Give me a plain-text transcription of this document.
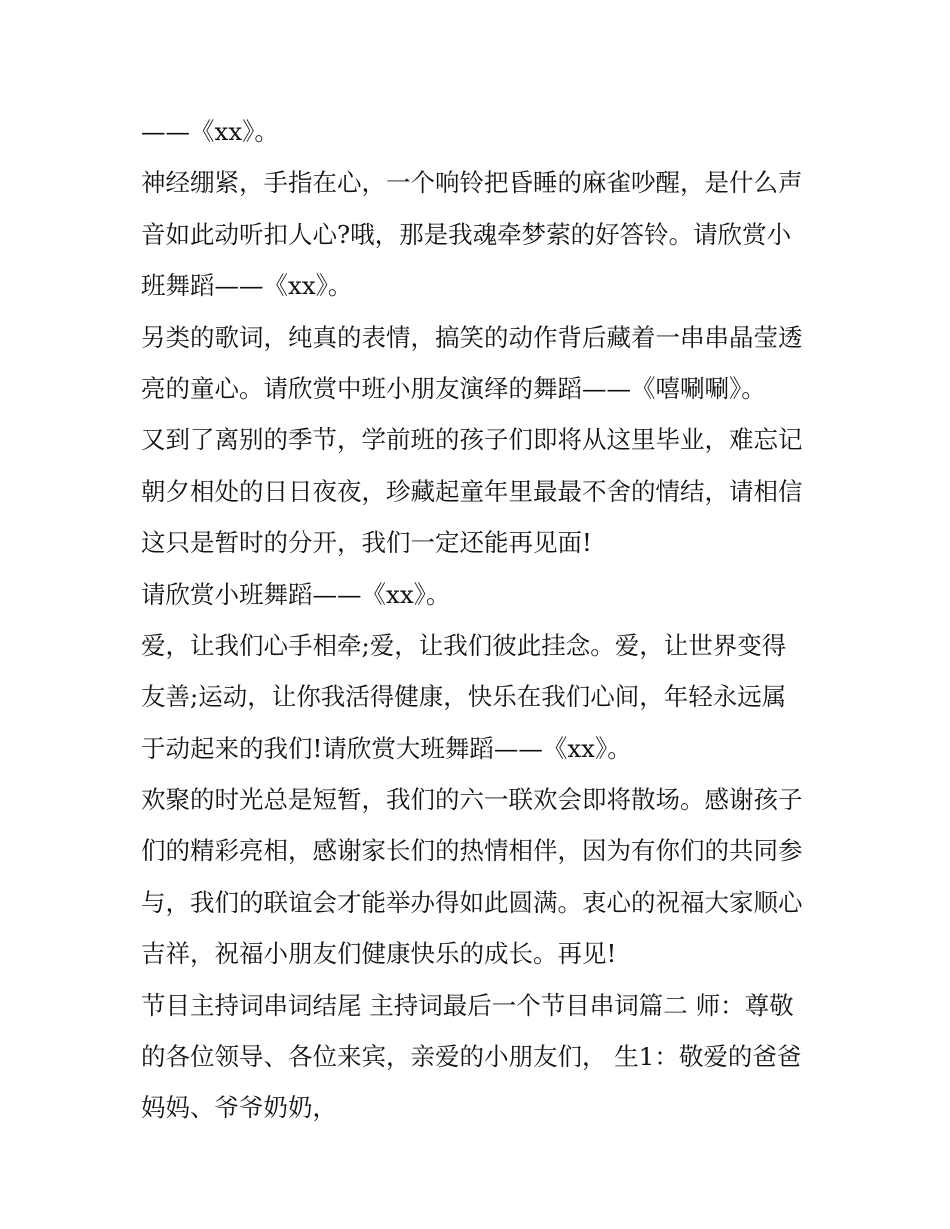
——《xx》。
神经绷紧，手指在心，一个响铃把昏睡的麻雀吵醒，是什么声
音如此动听扣人心?哦，那是我魂牵梦萦的好答铃。请欣赏小
班舞蹈——《xx》。
另类的歌词，纯真的表情，搞笑的动作背后藏着一串串晶莹透
亮的童心。请欣赏中班小朋友演绎的舞蹈——《嘻唰唰》。
又到了离别的季节，学前班的孩子们即将从这里毕业，难忘记
朝夕相处的日日夜夜，珍藏起童年里最最不舍的情结，请相信
这只是暂时的分开，我们一定还能再见面!
请欣赏小班舞蹈——《xx》。
爱，让我们心手相牵;爱，让我们彼此挂念。爱，让世界变得
友善;运动，让你我活得健康，快乐在我们心间，年轻永远属
于动起来的我们!请欣赏大班舞蹈——《xx》。
欢聚的时光总是短暂，我们的六一联欢会即将散场。感谢孩子
们的精彩亮相，感谢家长们的热情相伴，因为有你们的共同参
与，我们的联谊会才能举办得如此圆满。衷心的祝福大家顺心
吉祥，祝福小朋友们健康快乐的成长。再见!
节目主持词串词结尾 主持词最后一个节目串词篇二 师：尊敬
的各位领导、各位来宾，亲爱的小朋友们， 生1：敬爱的爸爸
妈妈、爷爷奶奶，
